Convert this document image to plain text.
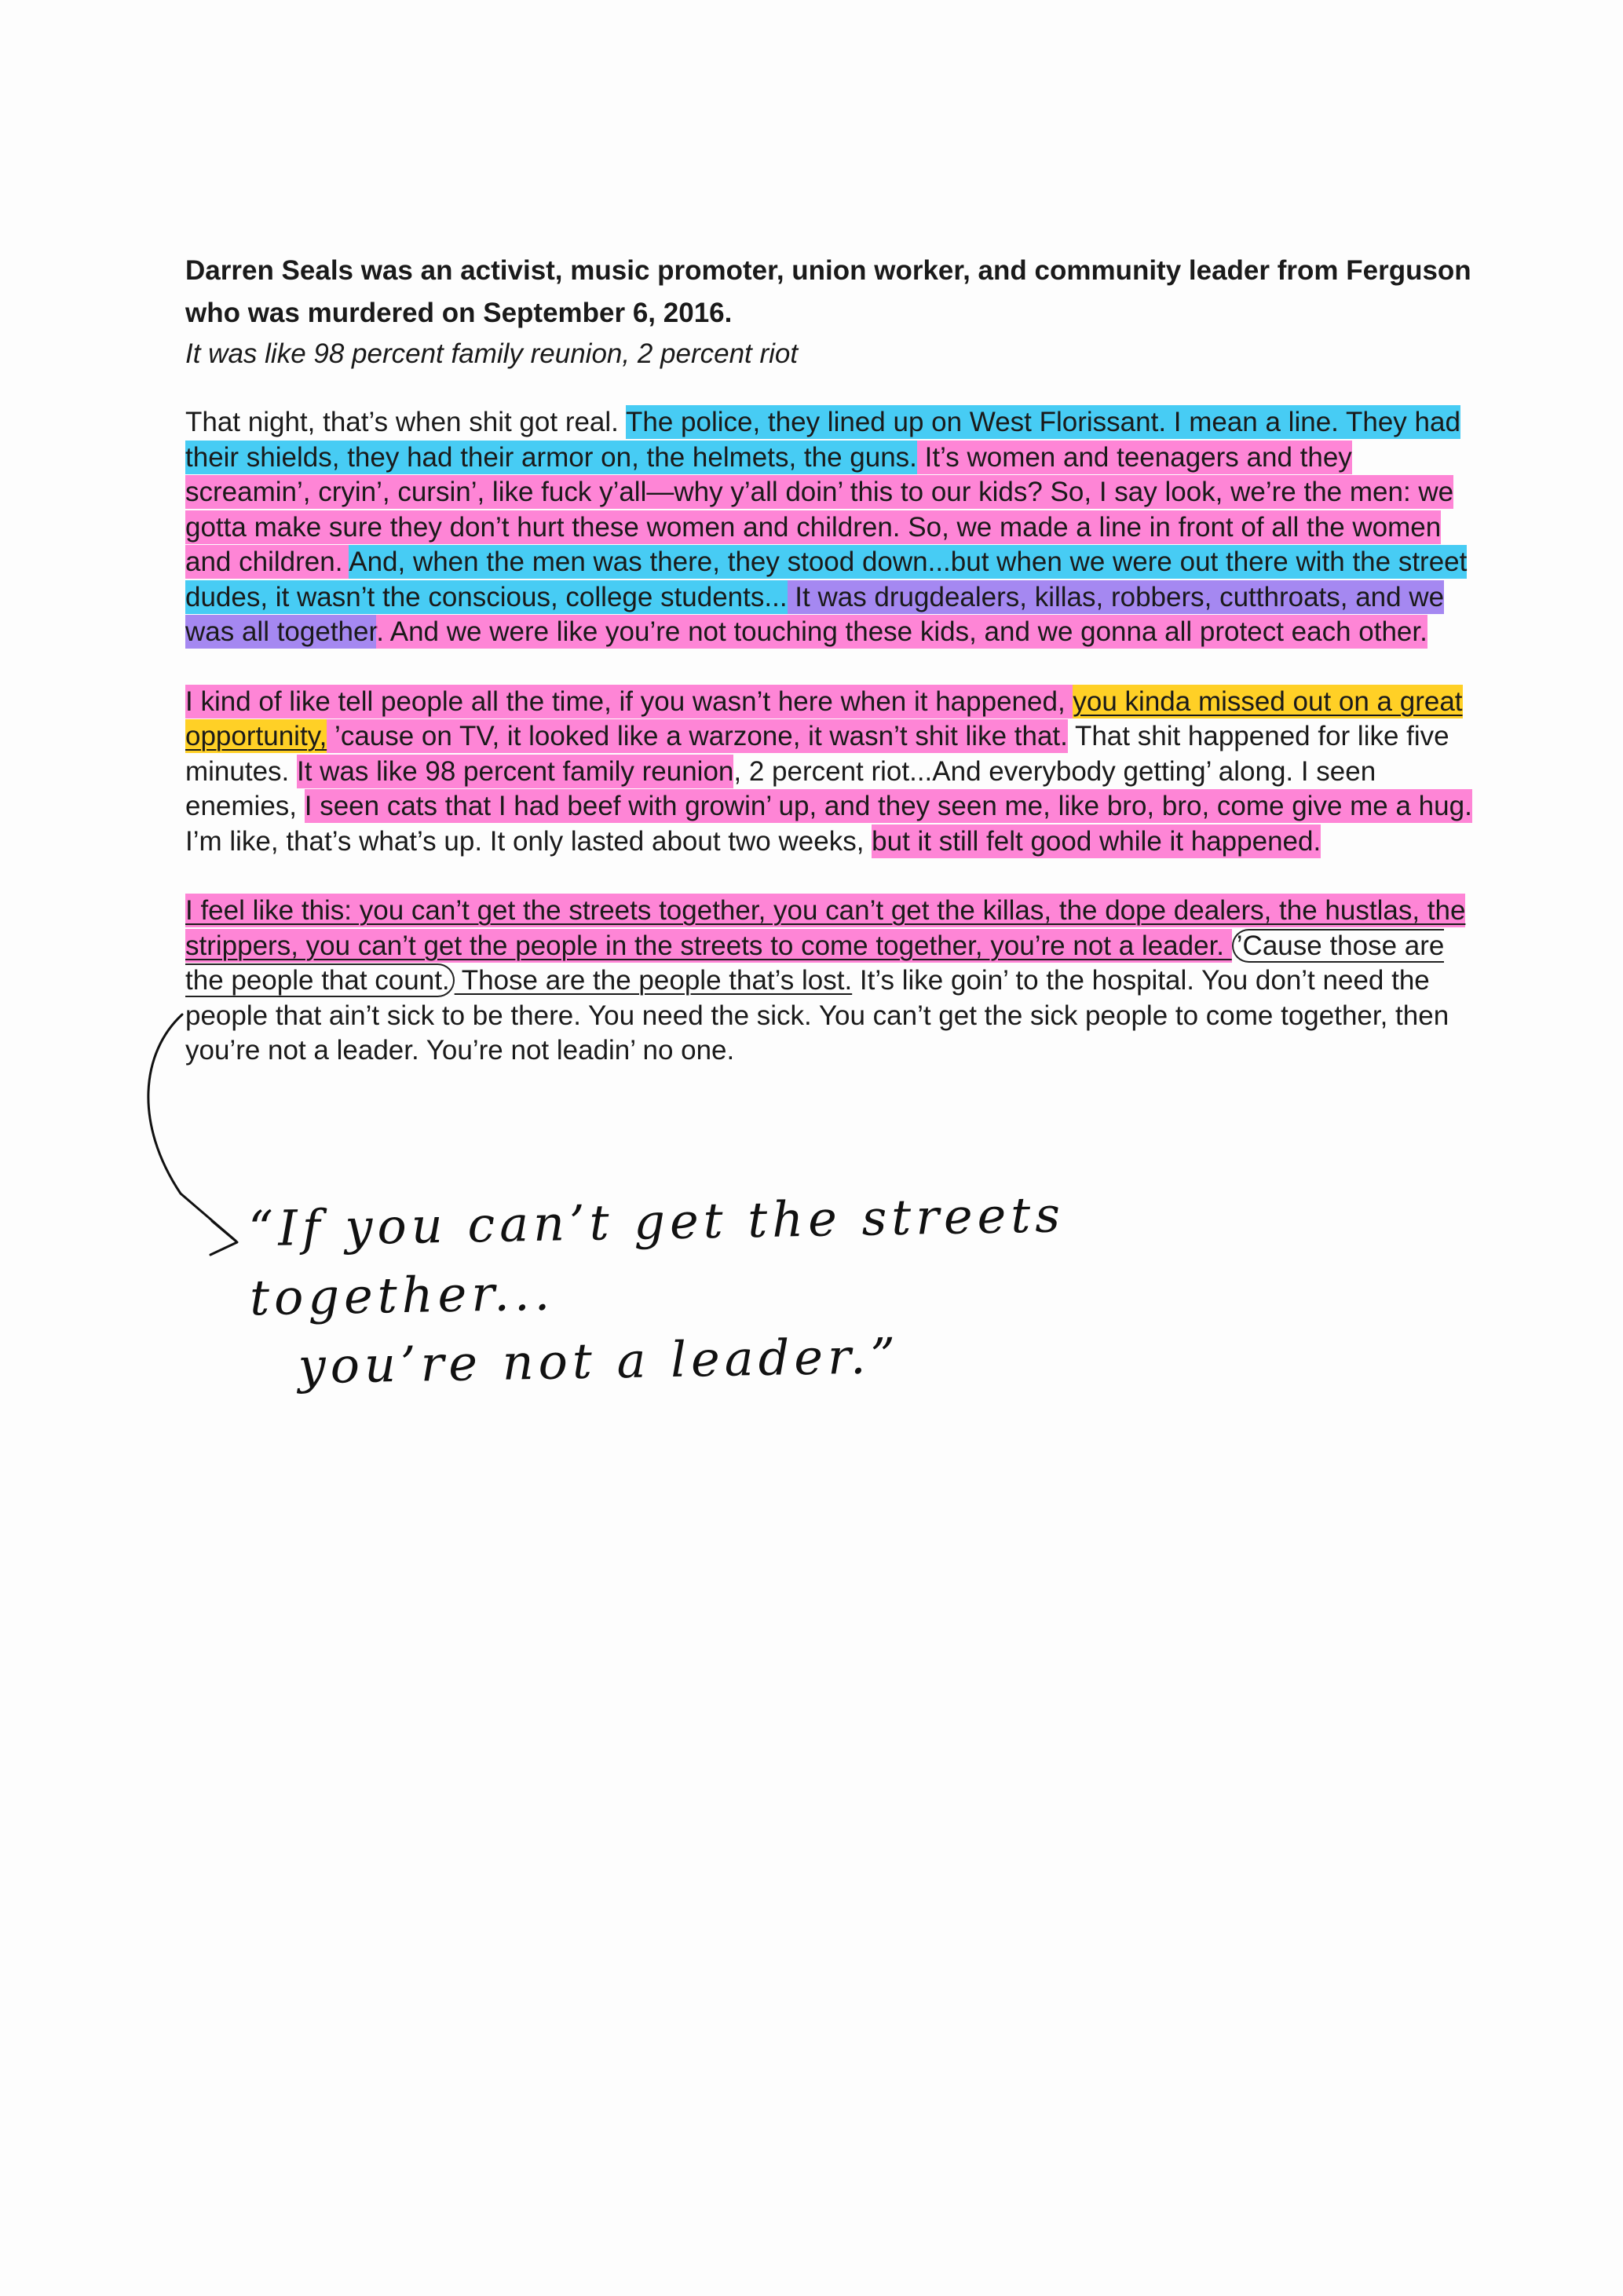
Darren Seals was an activist, music promoter, union worker, and community leader from Ferguson who was murdered on September 6, 2016.
It was like 98 percent family reunion, 2 percent riot

That night, that’s when shit got real. The police, they lined up on West Florissant. I mean a line. They had their shields, they had their armor on, the helmets, the guns. It’s women and teenagers and they screamin’, cryin’, cursin’, like fuck y’all—why y’all doin’ this to our kids? So, I say look, we’re the men: we gotta make sure they don’t hurt these women and children. So, we made a line in front of all the women and children. And, when the men was there, they stood down...but when we were out there with the street dudes, it wasn’t the conscious, college students... It was drugdealers, killas, robbers, cutthroats, and we was all together. And we were like you’re not touching these kids, and we gonna all protect each other.

I kind of like tell people all the time, if you wasn’t here when it happened, you kinda missed out on a great opportunity, ’cause on TV, it looked like a warzone, it wasn’t shit like that. That shit happened for like five minutes. It was like 98 percent family reunion, 2 percent riot...And everybody getting’ along. I seen enemies, I seen cats that I had beef with growin’ up, and they seen me, like bro, bro, come give me a hug. I’m like, that’s what’s up. It only lasted about two weeks, but it still felt good while it happened.

I feel like this: you can’t get the streets together, you can’t get the killas, the dope dealers, the hustlas, the strippers, you can’t get the people in the streets to come together, you’re not a leader. ’Cause those are the people that count. Those are the people that’s lost. It’s like goin’ to the hospital. You don’t need the people that ain’t sick to be there. You need the sick. You can’t get the sick people to come together, then you’re not a leader. You’re not leadin’ no one.

“If you can’t get the streets together...
you’re not a leader.”
